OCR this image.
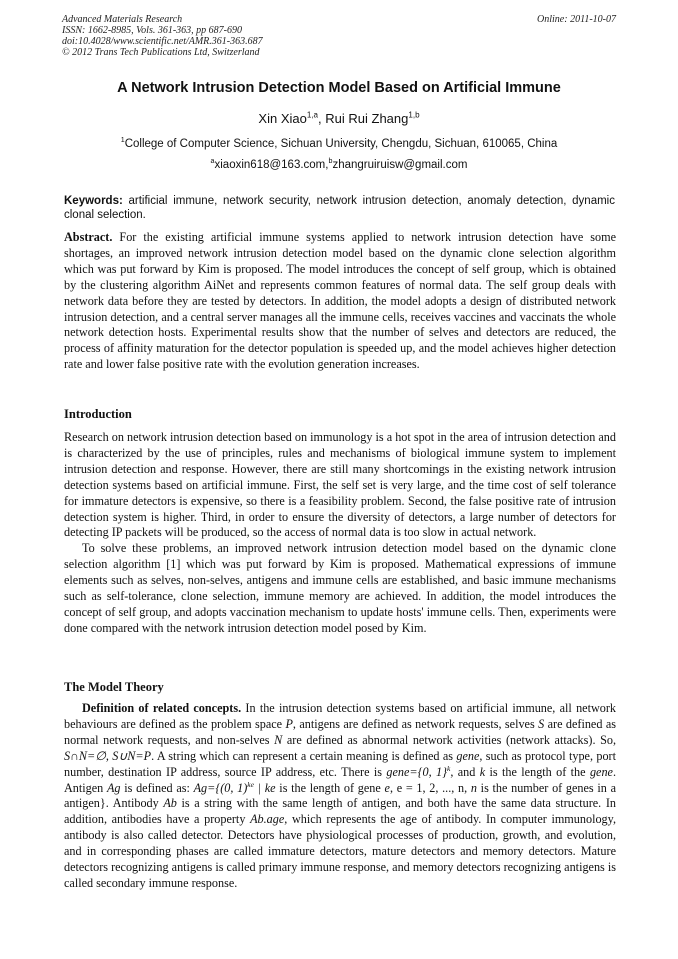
Advanced Materials Research
ISSN: 1662-8985, Vols. 361-363, pp 687-690
doi:10.4028/www.scientific.net/AMR.361-363.687
© 2012 Trans Tech Publications Ltd, Switzerland
Online: 2011-10-07
A Network Intrusion Detection Model Based on Artificial Immune
Xin Xiao$^{1,a}$, Rui Rui Zhang$^{1,b}$
$^1$College of Computer Science, Sichuan University, Chengdu, Sichuan, 610065, China
$^a$xiaoxin618@163.com,$^b$zhangruiruisw@gmail.com
Keywords: artificial immune, network security, network intrusion detection, anomaly detection, dynamic clonal selection.

Abstract. For the existing artificial immune systems applied to network intrusion detection have some shortages, an improved network intrusion detection model based on the dynamic clone selection algorithm which was put forward by Kim is proposed. The model introduces the concept of self group, which is obtained by the clustering algorithm AiNet and represents common features of normal data. The self group deals with network data before they are tested by detectors. In addition, the model adopts a design of distributed network intrusion detection, and a central server manages all the immune cells, receives vaccines and vaccinats the whole network detection hosts. Experimental results show that the number of selves and detectors are reduced, the process of affinity maturation for the detector population is speeded up, and the model achieves higher detection rate and lower false positive rate with the evolution generation increases.

Introduction

Research on network intrusion detection based on immunology is a hot spot in the area of intrusion detection and is characterized by the use of principles, rules and mechanisms of biological immune system to implement intrusion detection and response. However, there are still many shortcomings in the existing network intrusion detection systems based on artificial immune. First, the self set is very large, and the time cost of self tolerance for immature detectors is expensive, so there is a feasibility problem. Second, the false positive rate of intrusion detection system is higher. Third, in order to ensure the diversity of detectors, a large number of detectors for detecting IP packets will be produced, so the access of normal data is too slow in actual network.

To solve these problems, an improved network intrusion detection model based on the dynamic clone selection algorithm [1] which was put forward by Kim is proposed. Mathematical expressions of immune elements such as selves, non-selves, antigens and immune cells are established, and basic immune mechanisms such as self-tolerance, clone selection, immune memory are achieved. In addition, the model introduces the concept of self group, and adopts vaccination mechanism to update hosts' immune cells. Then, experiments were done compared with the network intrusion detection model posed by Kim.

The Model Theory

Definition of related concepts. In the intrusion detection systems based on artificial immune, all network behaviours are defined as the problem space P, antigens are defined as network requests, selves S are defined as normal network requests, and non-selves N are defined as abnormal network activities (network attacks). So, S∩N=∅, S∪N=P. A string which can represent a certain meaning is defined as gene, such as protocol type, port number, destination IP address, source IP address, etc. There is gene={0, 1}$^k$, and k is the length of the gene. Antigen Ag is defined as: Ag={(0, 1)$^{ke}$ | ke is the length of gene e, e = 1, 2, ..., n, n is the number of genes in a antigen}. Antibody Ab is a string with the same length of antigen, and both have the same data structure. In addition, antibodies have a property Ab.age, which represents the age of antibody. In computer immunology, antibody is also called detector. Detectors have physiological processes of production, growth, and evolution, and in corresponding phases are called immature detectors, mature detectors and memory detectors. Mature detectors recognizing antigens is called primary immune response, and memory detectors recognizing antigens is called secondary immune response.
